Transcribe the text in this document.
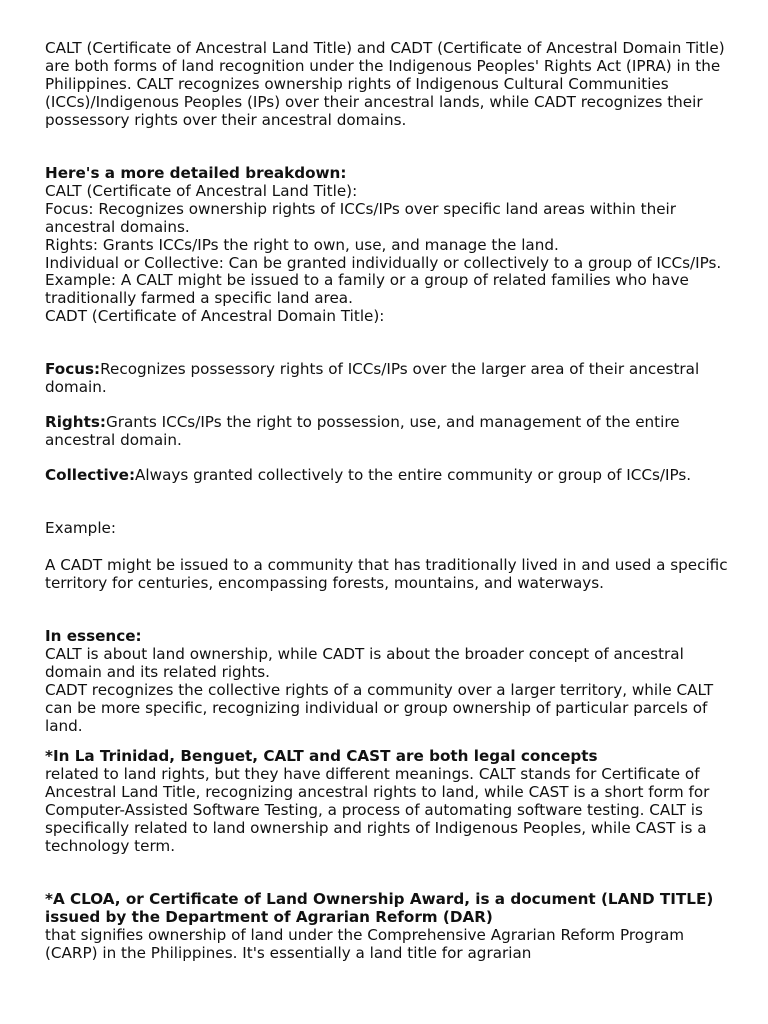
CALT (Certificate of Ancestral Land Title) and CADT (Certificate of Ancestral Domain Title) are both forms of land recognition under the Indigenous Peoples' Rights Act (IPRA) in the Philippines. CALT recognizes ownership rights of Indigenous Cultural Communities (ICCs)/Indigenous Peoples (IPs) over their ancestral lands, while CADT recognizes their possessory rights over their ancestral domains.

Here's a more detailed breakdown:
CALT (Certificate of Ancestral Land Title):
Focus: Recognizes ownership rights of ICCs/IPs over specific land areas within their ancestral domains.
Rights: Grants ICCs/IPs the right to own, use, and manage the land.
Individual or Collective: Can be granted individually or collectively to a group of ICCs/IPs.
Example: A CALT might be issued to a family or a group of related families who have traditionally farmed a specific land area.
CADT (Certificate of Ancestral Domain Title):

Focus:Recognizes possessory rights of ICCs/IPs over the larger area of their ancestral domain.

Rights:Grants ICCs/IPs the right to possession, use, and management of the entire ancestral domain.

Collective:Always granted collectively to the entire community or group of ICCs/IPs.

Example:

A CADT might be issued to a community that has traditionally lived in and used a specific territory for centuries, encompassing forests, mountains, and waterways.

In essence:
CALT is about land ownership, while CADT is about the broader concept of ancestral domain and its related rights.
CADT recognizes the collective rights of a community over a larger territory, while CALT can be more specific, recognizing individual or group ownership of particular parcels of land.

*In La Trinidad, Benguet, CALT and CAST are both legal concepts
related to land rights, but they have different meanings. CALT stands for Certificate of Ancestral Land Title, recognizing ancestral rights to land, while CAST is a short form for Computer-Assisted Software Testing, a process of automating software testing. CALT is specifically related to land ownership and rights of Indigenous Peoples, while CAST is a technology term.

*A CLOA, or Certificate of Land Ownership Award, is a document (LAND TITLE) issued by the Department of Agrarian Reform (DAR)
that signifies ownership of land under the Comprehensive Agrarian Reform Program (CARP) in the Philippines. It's essentially a land title for agrarian
